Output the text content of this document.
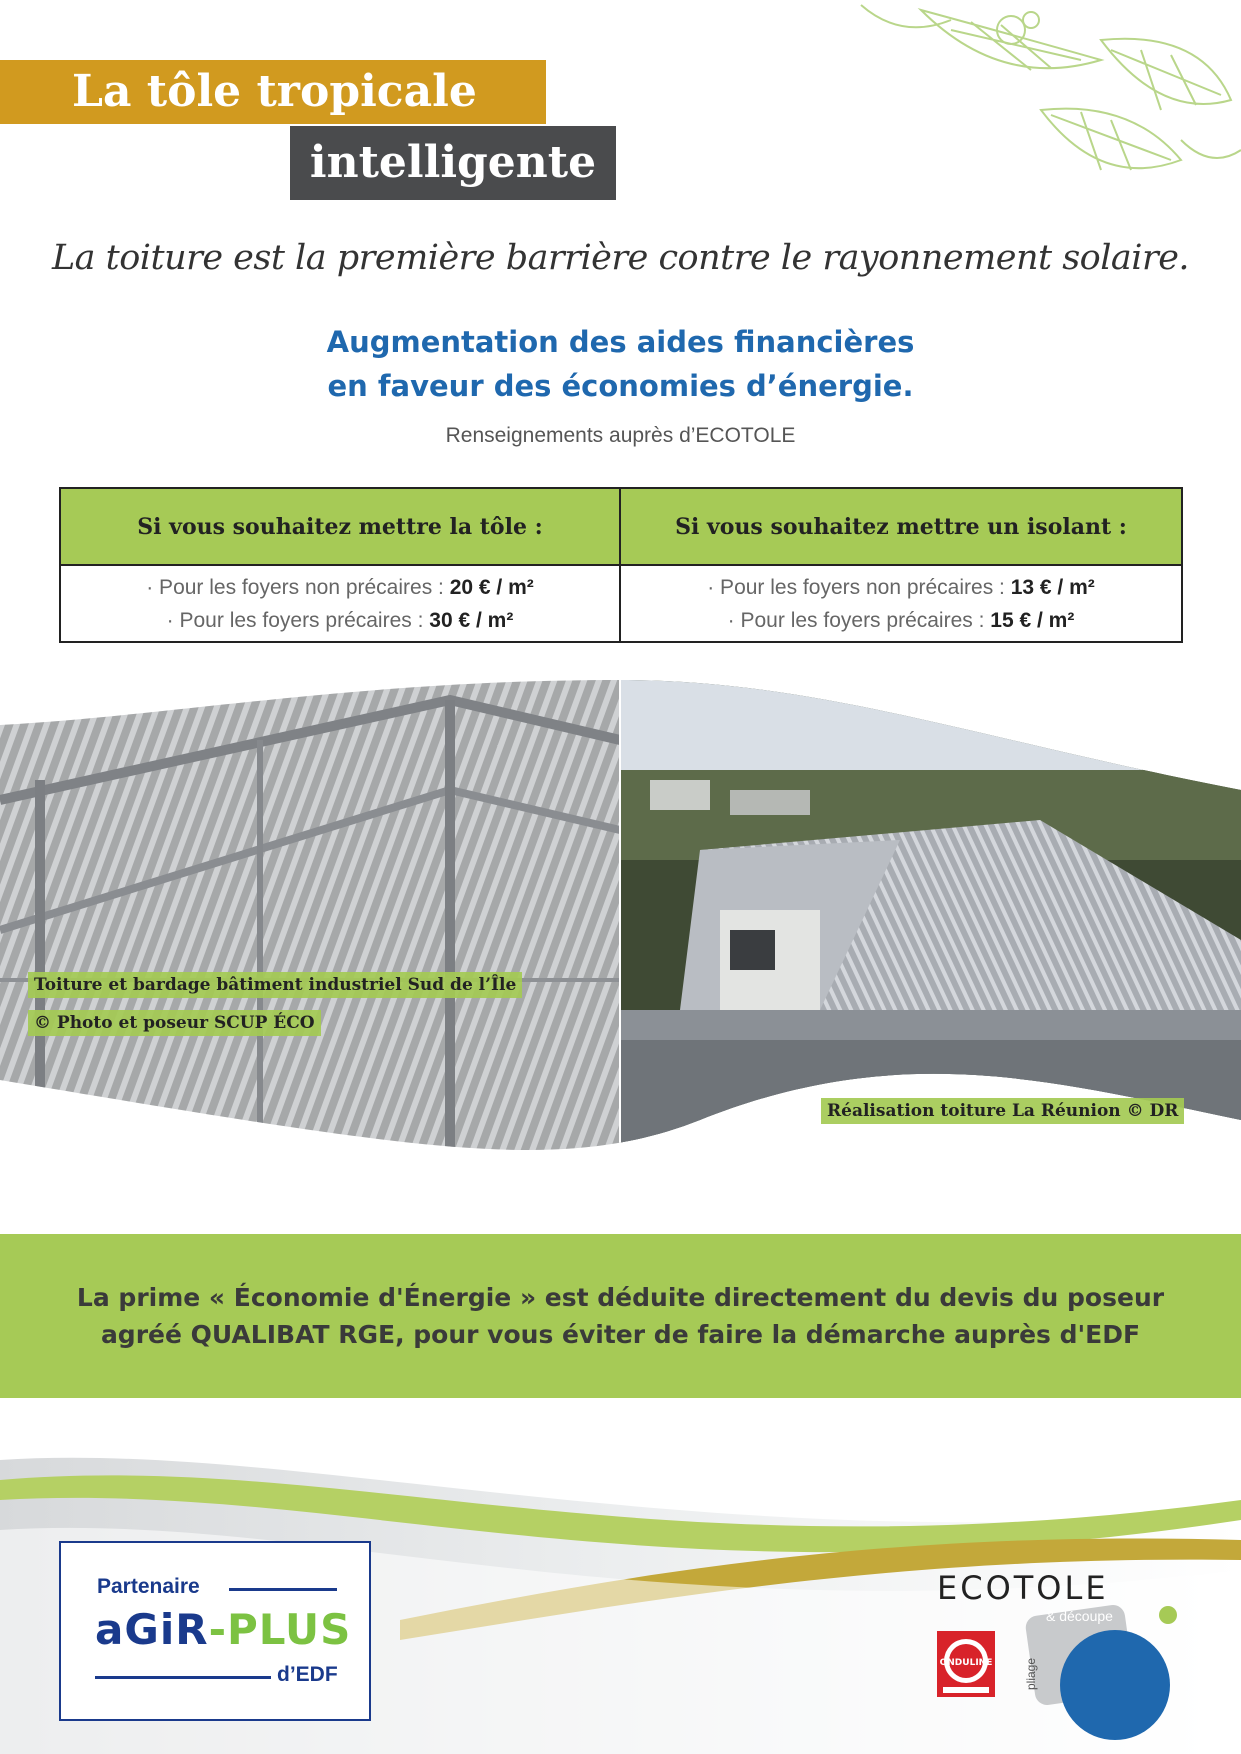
La tôle tropicale
intelligente
La toiture est la première barrière contre le rayonnement solaire.
Augmentation des aides financières
en faveur des économies d’énergie.
Renseignements auprès d’ECOTOLE
Si vous souhaitez mettre la tôle :	Si vous souhaitez mettre un isolant :
· Pour les foyers non précaires : 20 € / m²
· Pour les foyers précaires : 30 € / m²
· Pour les foyers non précaires : 13 € / m²
· Pour les foyers précaires : 15 € / m²
Toiture et bardage bâtiment industriel Sud de l’Île
© Photo et poseur SCUP ÉCO
Réalisation toiture La Réunion © DR
La prime « Économie d'Énergie » est déduite directement du devis du poseur
agréé QUALIBAT RGE, pour vous éviter de faire la démarche auprès d'EDF
Partenaire
aGiR-PLUS
d’EDF
ECOTOLE
ONDULINE
& découpe
pliage
